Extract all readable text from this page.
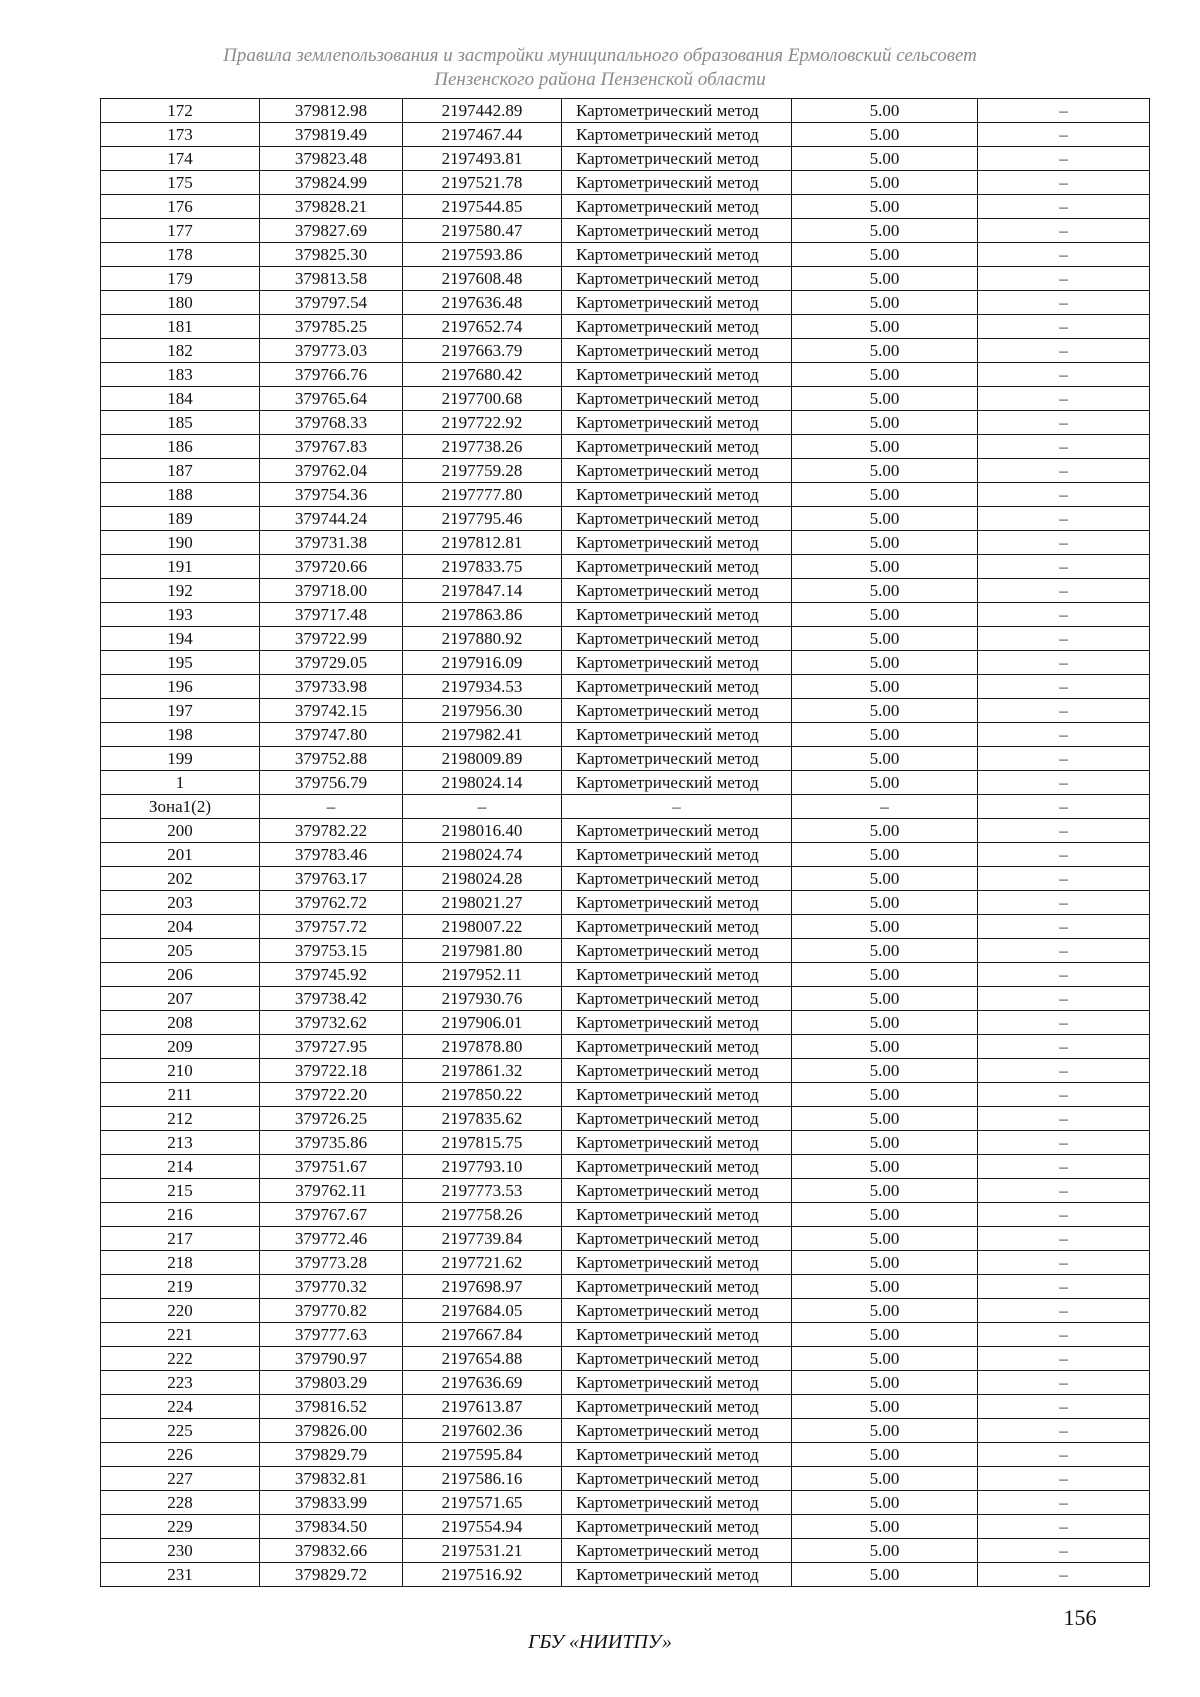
Правила землепользования и застройки муниципального образования Ермоловский сельсовет
Пензенского района Пензенской области
172	379812.98	2197442.89	Картометрический метод	5.00	–
173	379819.49	2197467.44	Картометрический метод	5.00	–
174	379823.48	2197493.81	Картометрический метод	5.00	–
175	379824.99	2197521.78	Картометрический метод	5.00	–
176	379828.21	2197544.85	Картометрический метод	5.00	–
177	379827.69	2197580.47	Картометрический метод	5.00	–
178	379825.30	2197593.86	Картометрический метод	5.00	–
179	379813.58	2197608.48	Картометрический метод	5.00	–
180	379797.54	2197636.48	Картометрический метод	5.00	–
181	379785.25	2197652.74	Картометрический метод	5.00	–
182	379773.03	2197663.79	Картометрический метод	5.00	–
183	379766.76	2197680.42	Картометрический метод	5.00	–
184	379765.64	2197700.68	Картометрический метод	5.00	–
185	379768.33	2197722.92	Картометрический метод	5.00	–
186	379767.83	2197738.26	Картометрический метод	5.00	–
187	379762.04	2197759.28	Картометрический метод	5.00	–
188	379754.36	2197777.80	Картометрический метод	5.00	–
189	379744.24	2197795.46	Картометрический метод	5.00	–
190	379731.38	2197812.81	Картометрический метод	5.00	–
191	379720.66	2197833.75	Картометрический метод	5.00	–
192	379718.00	2197847.14	Картометрический метод	5.00	–
193	379717.48	2197863.86	Картометрический метод	5.00	–
194	379722.99	2197880.92	Картометрический метод	5.00	–
195	379729.05	2197916.09	Картометрический метод	5.00	–
196	379733.98	2197934.53	Картометрический метод	5.00	–
197	379742.15	2197956.30	Картометрический метод	5.00	–
198	379747.80	2197982.41	Картометрический метод	5.00	–
199	379752.88	2198009.89	Картометрический метод	5.00	–
1	379756.79	2198024.14	Картометрический метод	5.00	–
Зона1(2)	–	–	–	–	–
200	379782.22	2198016.40	Картометрический метод	5.00	–
201	379783.46	2198024.74	Картометрический метод	5.00	–
202	379763.17	2198024.28	Картометрический метод	5.00	–
203	379762.72	2198021.27	Картометрический метод	5.00	–
204	379757.72	2198007.22	Картометрический метод	5.00	–
205	379753.15	2197981.80	Картометрический метод	5.00	–
206	379745.92	2197952.11	Картометрический метод	5.00	–
207	379738.42	2197930.76	Картометрический метод	5.00	–
208	379732.62	2197906.01	Картометрический метод	5.00	–
209	379727.95	2197878.80	Картометрический метод	5.00	–
210	379722.18	2197861.32	Картометрический метод	5.00	–
211	379722.20	2197850.22	Картометрический метод	5.00	–
212	379726.25	2197835.62	Картометрический метод	5.00	–
213	379735.86	2197815.75	Картометрический метод	5.00	–
214	379751.67	2197793.10	Картометрический метод	5.00	–
215	379762.11	2197773.53	Картометрический метод	5.00	–
216	379767.67	2197758.26	Картометрический метод	5.00	–
217	379772.46	2197739.84	Картометрический метод	5.00	–
218	379773.28	2197721.62	Картометрический метод	5.00	–
219	379770.32	2197698.97	Картометрический метод	5.00	–
220	379770.82	2197684.05	Картометрический метод	5.00	–
221	379777.63	2197667.84	Картометрический метод	5.00	–
222	379790.97	2197654.88	Картометрический метод	5.00	–
223	379803.29	2197636.69	Картометрический метод	5.00	–
224	379816.52	2197613.87	Картометрический метод	5.00	–
225	379826.00	2197602.36	Картометрический метод	5.00	–
226	379829.79	2197595.84	Картометрический метод	5.00	–
227	379832.81	2197586.16	Картометрический метод	5.00	–
228	379833.99	2197571.65	Картометрический метод	5.00	–
229	379834.50	2197554.94	Картометрический метод	5.00	–
230	379832.66	2197531.21	Картометрический метод	5.00	–
231	379829.72	2197516.92	Картометрический метод	5.00	–
156
ГБУ «НИИТПУ»
